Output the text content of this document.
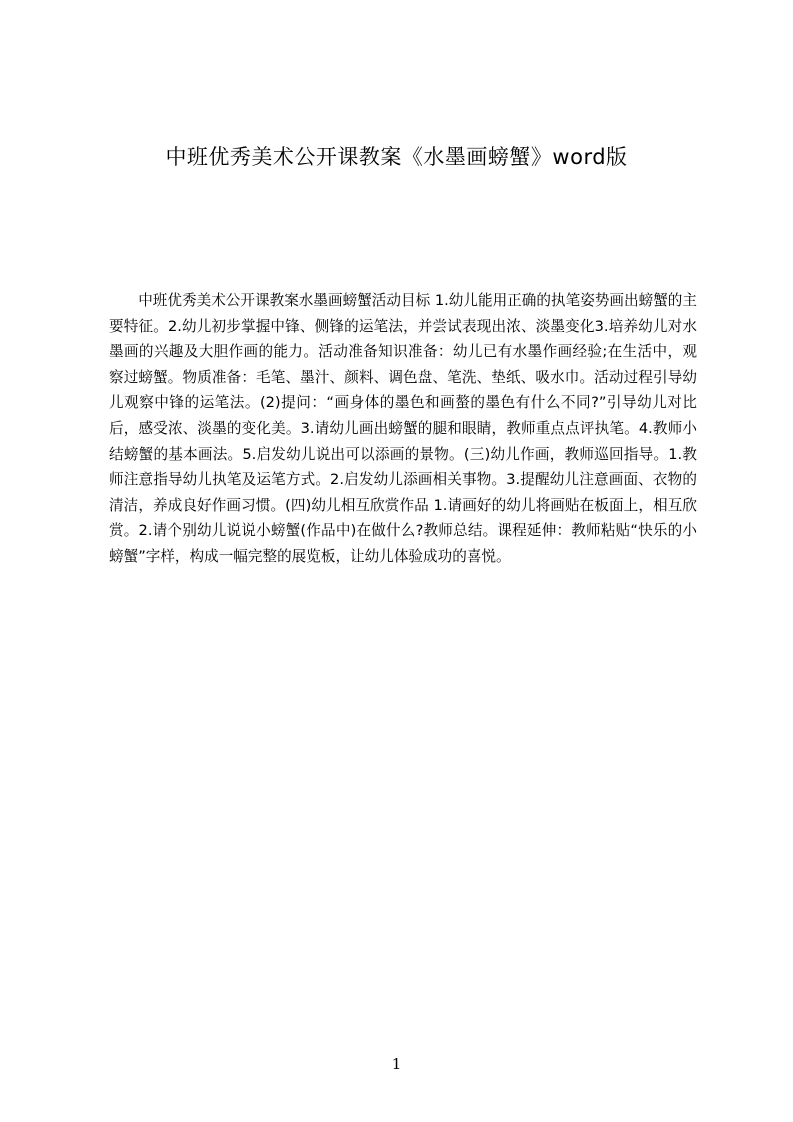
中班优秀美术公开课教案《水墨画螃蟹》word版

中班优秀美术公开课教案水墨画螃蟹活动目标 1.幼儿能用正确的执笔姿势画出螃蟹的主要特征。2.幼儿初步掌握中锋、侧锋的运笔法，并尝试表现出浓、淡墨变化3.培养幼儿对水墨画的兴趣及大胆作画的能力。活动准备知识准备：幼儿已有水墨作画经验;在生活中，观察过螃蟹。物质准备：毛笔、墨汁、颜料、调色盘、笔洗、垫纸、吸水巾。活动过程引导幼儿观察中锋的运笔法。(2)提问：“画身体的墨色和画螯的墨色有什么不同?”引导幼儿对比后，感受浓、淡墨的变化美。3.请幼儿画出螃蟹的腿和眼睛，教师重点点评执笔。4.教师小结螃蟹的基本画法。5.启发幼儿说出可以添画的景物。(三)幼儿作画，教师巡回指导。1.教师注意指导幼儿执笔及运笔方式。2.启发幼儿添画相关事物。3.提醒幼儿注意画面、衣物的清洁，养成良好作画习惯。(四)幼儿相互欣赏作品 1.请画好的幼儿将画贴在板面上，相互欣赏。2.请个别幼儿说说小螃蟹(作品中)在做什么?教师总结。课程延伸：教师粘贴“快乐的小螃蟹”字样，构成一幅完整的展览板，让幼儿体验成功的喜悦。

1
